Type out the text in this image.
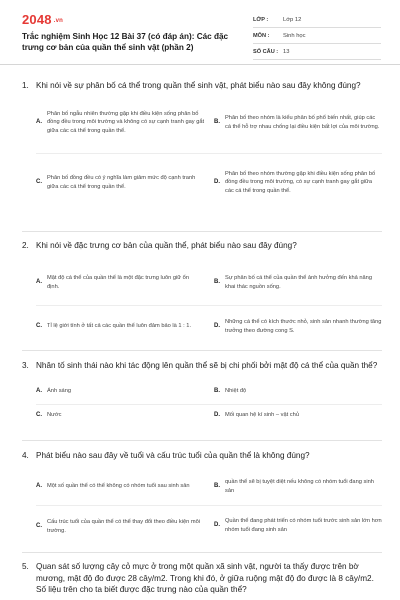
2048 .vn
Trắc nghiệm Sinh Học 12 Bài 37 (có đáp án): Các đặc trưng cơ bản của quần thể sinh vật (phần 2)
LỚP :	Lớp 12
MÔN :	Sinh học
SỐ CÂU : 13
1. Khi nói về sự phân bố cá thể trong quần thể sinh vật, phát biểu nào sau đây không đúng?
A.
Phân bố ngẫu nhiên thường gặp khi điều kiện sống phân bố đồng đều trong môi trường và không có sự cạnh tranh gay gắt giữa các cá thể trong quần thể.
B.
Phân bố theo nhóm là kiểu phân bố phổ biến nhất, giúp các cá thể hỗ trợ nhau chống lại điều kiện bất lợi của môi trường.
C.
Phân bố đồng đều có ý nghĩa làm giảm mức độ cạnh tranh giữa các cá thể trong quần thể.
D.
Phân bố theo nhóm thường gặp khi điều kiện sống phân bố đồng đều trong môi trường, có sự cạnh tranh gay gắt giữa các cá thể trong quần thể.
2. Khi nói về đặc trưng cơ bản của quần thể, phát biểu nào sau đây đúng?
A.
Mật độ cá thể của quần thể là một đặc trưng luôn giữ ổn định.
B.
Sự phân bố cá thể của quần thể ảnh hưởng đến khả năng khai thác nguồn sống.
C. Tỉ lệ giới tính ở tất cả các quần thể luôn đảm bảo là 1 : 1.	D.
Những cá thể có kích thước nhỏ, sinh sản nhanh thường tăng trưởng theo đường cong S.
3. Nhân tố sinh thái nào khi tác động lên quần thể sẽ bị chi phối bởi mật độ cá thể của quần thể?
A. Ánh sáng	B. Nhiệt độ
C. Nước	D. Mối quan hệ kí sinh – vật chủ
4. Phát biểu nào sau đây về tuổi và cấu trúc tuổi của quần thể là không đúng?
A. Một số quần thể có thể không có nhóm tuổi sau sinh sản	B.
quần thể sẽ bị tuyệt diệt nếu không có nhóm tuổi đang sinh sản
C.
Cấu trúc tuổi của quần thể có thể thay đổi theo điều kiện môi trường.
D.
Quần thể đang phát triển có nhóm tuổi trước sinh sản lớn hơn nhóm tuổi đang sinh sản
5. Quan sát số lượng cây cỏ mực ở trong một quần xã sinh vật, người ta thấy được trên bờ mương, mật độ đo được 28 cây/m2. Trong khi đó, ở giữa ruộng mật độ đo được là 8 cây/m2. Số liệu trên cho ta biết được đặc trưng nào của quần thể?
